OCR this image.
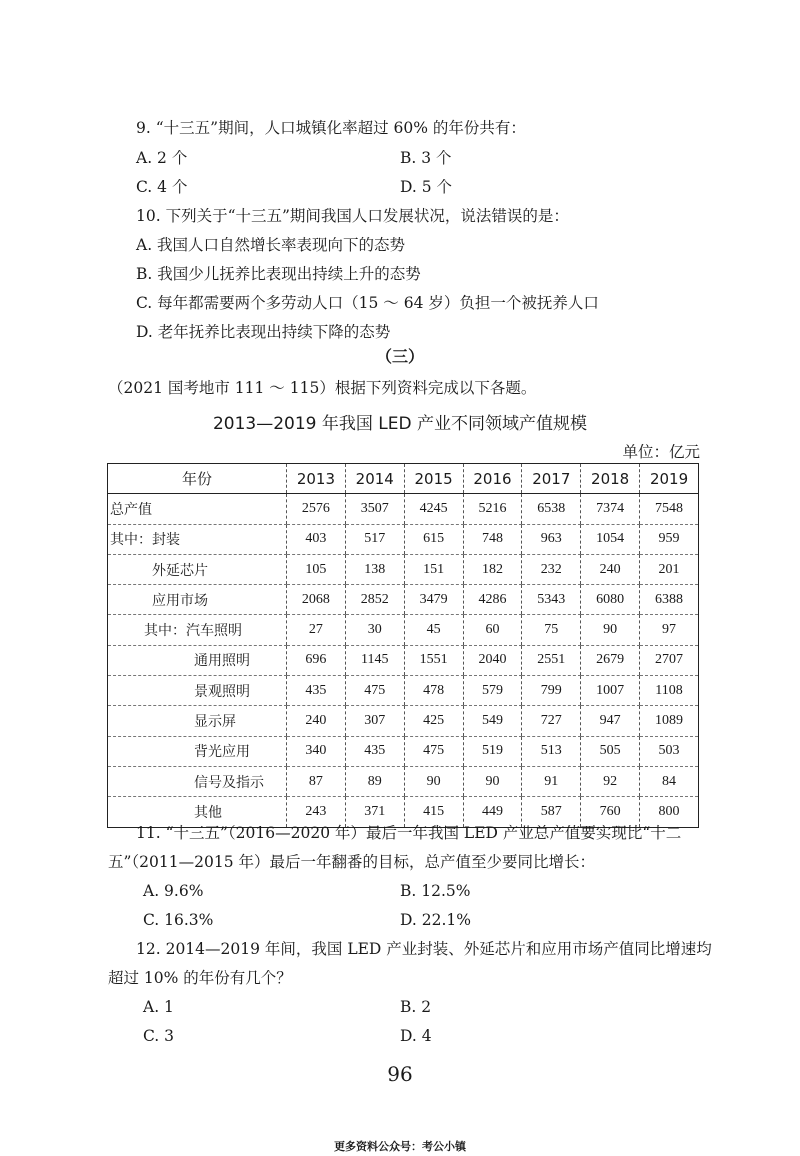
9. “十三五”期间，人口城镇化率超过 60% 的年份共有：
A. 2 个	B. 3 个
C. 4 个	D. 5 个
10. 下列关于“十三五”期间我国人口发展状况，说法错误的是：
A. 我国人口自然增长率表现向下的态势
B. 我国少儿抚养比表现出持续上升的态势
C. 每年都需要两个多劳动人口（15 ～ 64 岁）负担一个被抚养人口
D. 老年抚养比表现出持续下降的态势
（三）
（2021 国考地市 111 ～ 115）根据下列资料完成以下各题。
2013—2019 年我国 LED 产业不同领域产值规模
单位：亿元
年份	2013	2014	2015	2016	2017	2018	2019
总产值	2576	3507	4245	5216	6538	7374	7548
其中：封装	403	517	615	748	963	1054	959
外延芯片	105	138	151	182	232	240	201
应用市场	2068	2852	3479	4286	5343	6080	6388
其中：汽车照明	27	30	45	60	75	90	97
通用照明	696	1145	1551	2040	2551	2679	2707
景观照明	435	475	478	579	799	1007	1108
显示屏	240	307	425	549	727	947	1089
背光应用	340	435	475	519	513	505	503
信号及指示	87	89	90	90	91	92	84
其他	243	371	415	449	587	760	800
11. “十三五”（2016—2020 年）最后一年我国 LED 产业总产值要实现比“十二
五”（2011—2015 年）最后一年翻番的目标，总产值至少要同比增长：
A. 9.6%	B. 12.5%
C. 16.3%	D. 22.1%
12. 2014—2019 年间，我国 LED 产业封装、外延芯片和应用市场产值同比增速均
超过 10% 的年份有几个？
A. 1	B. 2
C. 3	D. 4
96
更多资料公众号：考公小镇
